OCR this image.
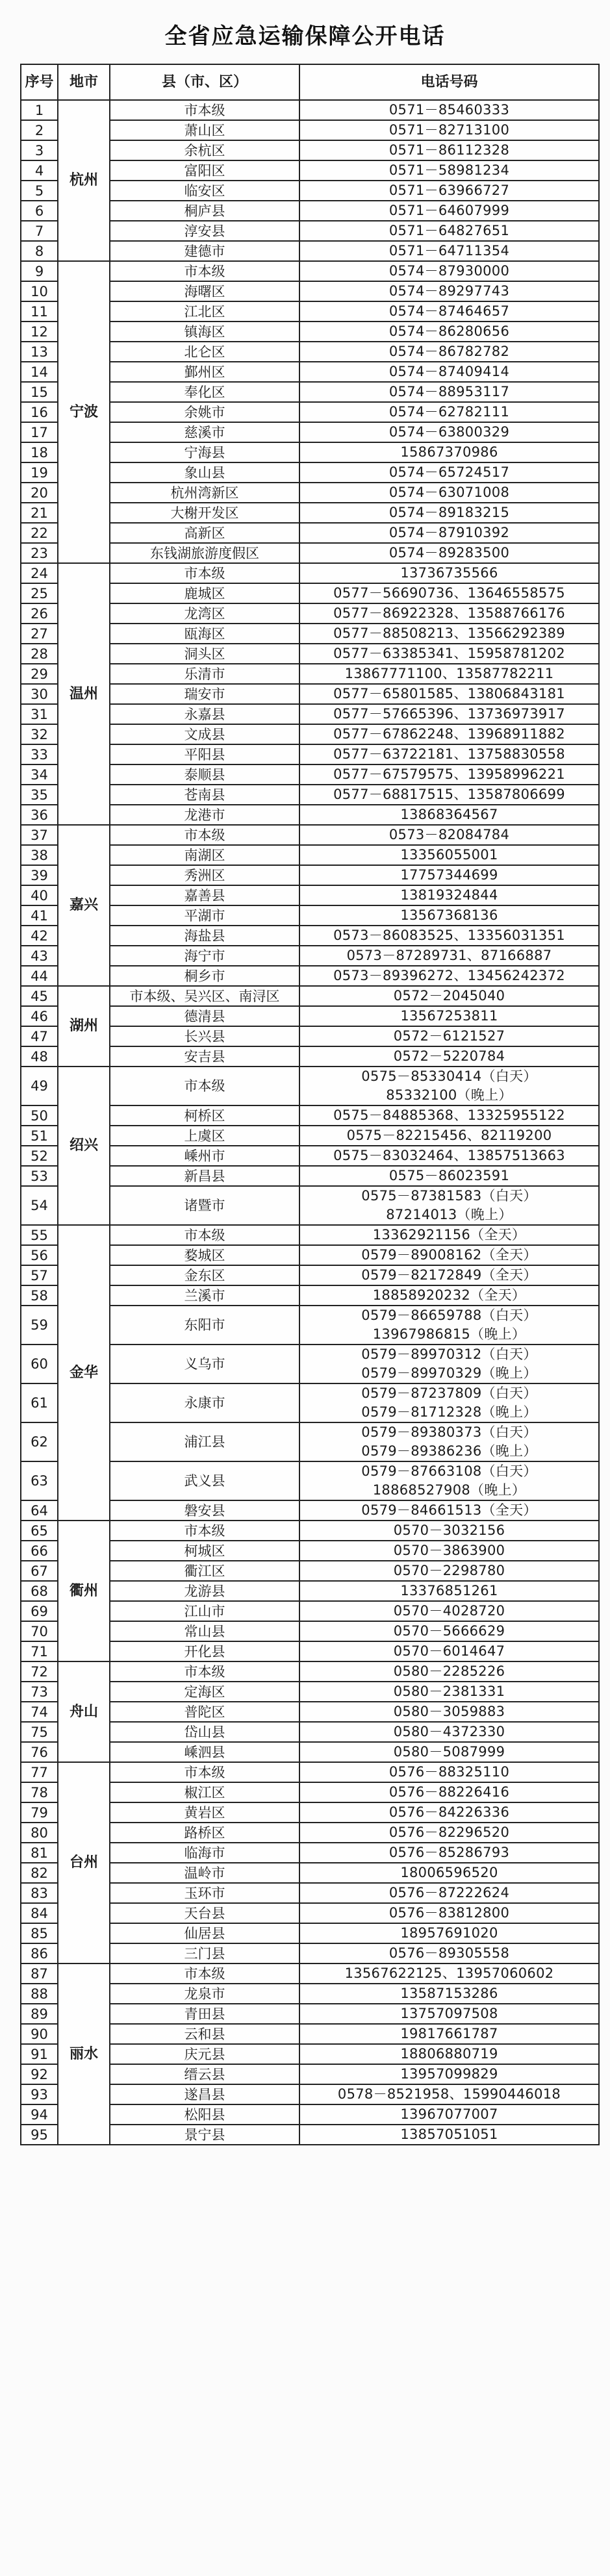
全省应急运输保障公开电话
序号	地市	县（市、区）	电话号码
1	杭州	市本级	0571－85460333

2		萧山区	0571－82713100

3		余杭区	0571－86112328

4		富阳区	0571－58981234

5		临安区	0571－63966727

6		桐庐县	0571－64607999

7		淳安县	0571－64827651

8		建德市	0571－64711354

9	宁波	市本级	0574－87930000

10		海曙区	0574－89297743

11		江北区	0574－87464657

12		镇海区	0574－86280656

13		北仑区	0574－86782782

14		鄞州区	0574－87409414

15		奉化区	0574－88953117

16		余姚市	0574－62782111

17		慈溪市	0574－63800329

18		宁海县	15867370986

19		象山县	0574－65724517

20		杭州湾新区	0574－63071008

21		大榭开发区	0574－89183215

22		高新区	0574－87910392

23		东钱湖旅游度假区	0574－89283500

24	温州	市本级	13736735566

25		鹿城区	0577－56690736、13646558575

26		龙湾区	0577－86922328、13588766176

27		瓯海区	0577－88508213、13566292389

28		洞头区	0577－63385341、15958781202

29		乐清市	13867771100、13587782211

30		瑞安市	0577－65801585、13806843181

31		永嘉县	0577－57665396、13736973917

32		文成县	0577－67862248、13968911882

33		平阳县	0577－63722181、13758830558

34		泰顺县	0577－67579575、13958996221

35		苍南县	0577－68817515、13587806699

36		龙港市	13868364567

37	嘉兴	市本级	0573－82084784

38		南湖区	13356055001

39		秀洲区	17757344699

40		嘉善县	13819324844

41		平湖市	13567368136

42		海盐县	0573－86083525、13356031351

43		海宁市	0573－87289731、87166887

44		桐乡市	0573－89396272、13456242372

45	湖州	市本级、吴兴区、南浔区	0572－2045040

46		德清县	13567253811

47		长兴县	0572－6121527

48		安吉县	0572－5220784

49	绍兴	市本级	0575－85330414（白天）
85332100（晚上）

50		柯桥区	0575－84885368、13325955122

51		上虞区	0575－82215456、82119200

52		嵊州市	0575－83032464、13857513663

53		新昌县	0575－86023591

54		诸暨市	0575－87381583（白天）
87214013（晚上）

55	金华	市本级	13362921156（全天）

56		婺城区	0579－89008162（全天）

57		金东区	0579－82172849（全天）

58		兰溪市	18858920232（全天）

59		东阳市	0579－86659788（白天）
13967986815（晚上）

60		义乌市	0579－89970312（白天）
0579－89970329（晚上）

61		永康市	0579－87237809（白天）
0579－81712328（晚上）

62		浦江县	0579－89380373（白天）
0579－89386236（晚上）

63		武义县	0579－87663108（白天）
18868527908（晚上）

64		磐安县	0579－84661513（全天）

65	衢州	市本级	0570－3032156

66		柯城区	0570－3863900

67		衢江区	0570－2298780

68		龙游县	13376851261

69		江山市	0570－4028720

70		常山县	0570－5666629

71		开化县	0570－6014647

72	舟山	市本级	0580－2285226

73		定海区	0580－2381331

74		普陀区	0580－3059883

75		岱山县	0580－4372330

76		嵊泗县	0580－5087999

77	台州	市本级	0576－88325110

78		椒江区	0576－88226416

79		黄岩区	0576－84226336

80		路桥区	0576－82296520

81		临海市	0576－85286793

82		温岭市	18006596520

83		玉环市	0576－87222624

84		天台县	0576－83812800

85		仙居县	18957691020

86		三门县	0576－89305558

87	丽水	市本级	13567622125、13957060602

88		龙泉市	13587153286

89		青田县	13757097508

90		云和县	19817661787

91		庆元县	18806880719

92		缙云县	13957099829

93		遂昌县	0578－8521958、15990446018

94		松阳县	13967077007

95		景宁县	13857051051
